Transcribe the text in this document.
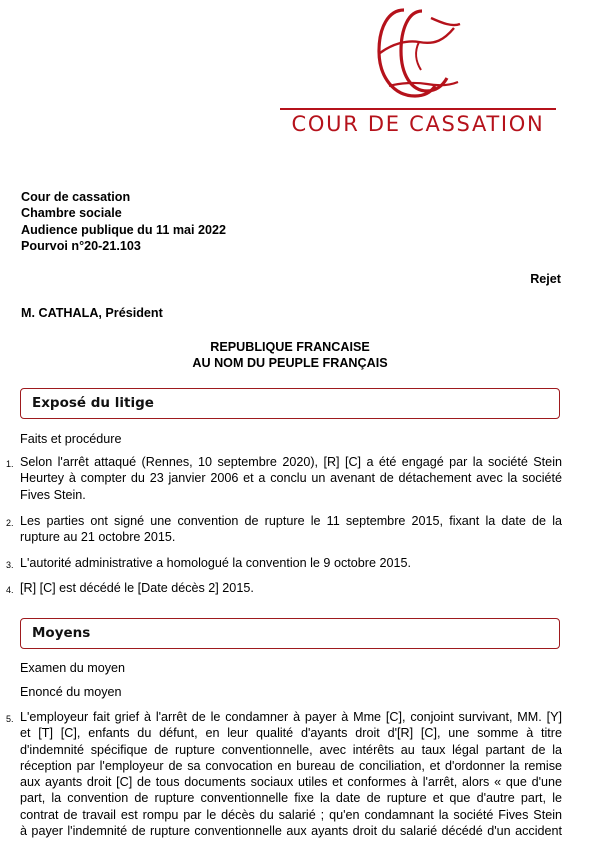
COUR DE CASSATION
Cour de cassation
Chambre sociale
Audience publique du 11 mai 2022
Pourvoi n°20-21.103
Rejet
M. CATHALA, Président
REPUBLIQUE FRANCAISE
AU NOM DU PEUPLE FRANÇAIS
Exposé du litige
Faits et procédure
1. Selon l'arrêt attaqué (Rennes, 10 septembre 2020), [R] [C] a été engagé par la société Stein
Heurtey à compter du 23 janvier 2006 et a conclu un avenant de détachement avec la société
Fives Stein.
2. Les parties ont signé une convention de rupture le 11 septembre 2015, fixant la date de la
rupture au 21 octobre 2015.
3. L'autorité administrative a homologué la convention le 9 octobre 2015.
4. [R] [C] est décédé le [Date décès 2] 2015.
Moyens
Examen du moyen
Enoncé du moyen
5. L'employeur fait grief à l'arrêt de le condamner à payer à Mme [C], conjoint survivant, MM. [Y]
et [T] [C], enfants du défunt, en leur qualité d'ayants droit d'[R] [C], une somme à titre
d'indemnité spécifique de rupture conventionnelle, avec intérêts au taux légal partant de la
réception par l'employeur de sa convocation en bureau de conciliation, et d'ordonner la remise
aux ayants droit [C] de tous documents sociaux utiles et conformes à l'arrêt, alors « que d'une
part, la convention de rupture conventionnelle fixe la date de rupture et que d'autre part, le
contrat de travail est rompu par le décès du salarié ; qu'en condamnant la société Fives Stein
à payer l'indemnité de rupture conventionnelle aux ayants droit du salarié décédé d'un accident
